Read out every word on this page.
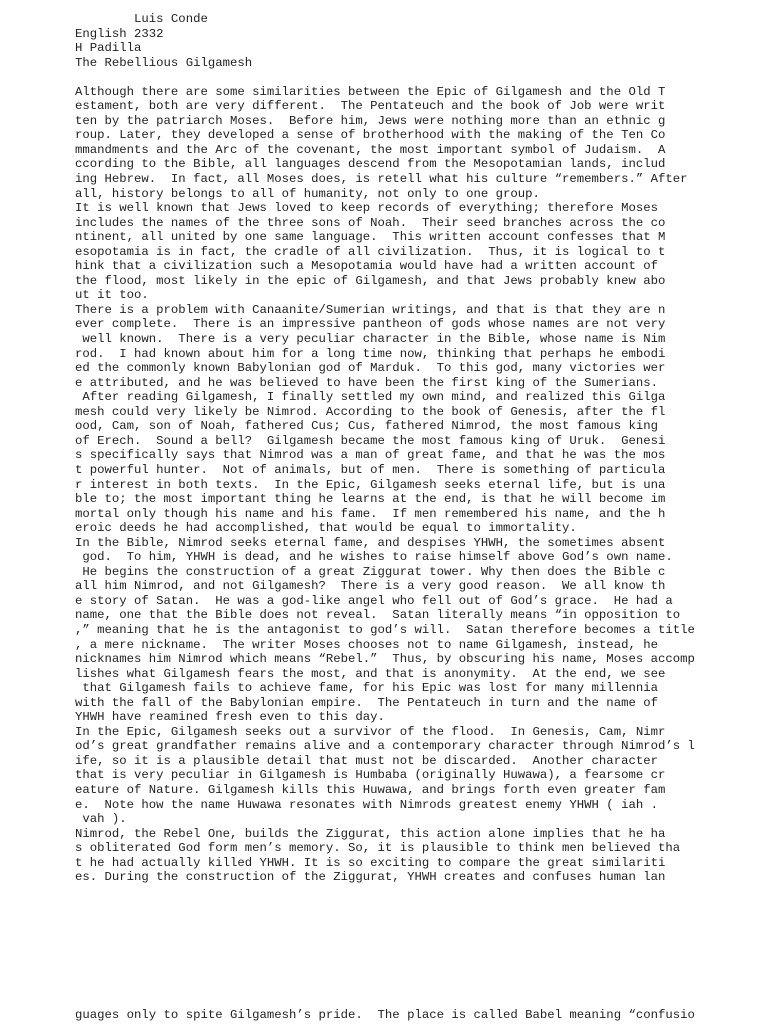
Luis Conde
English 2332
H Padilla
The Rebellious Gilgamesh
Although there are some similarities between the Epic of Gilgamesh and the Old T
estament, both are very different.  The Pentateuch and the book of Job were writ
ten by the patriarch Moses.  Before him, Jews were nothing more than an ethnic g
roup. Later, they developed a sense of brotherhood with the making of the Ten Co
mmandments and the Arc of the covenant, the most important symbol of Judaism.  A
ccording to the Bible, all languages descend from the Mesopotamian lands, includ
ing Hebrew.  In fact, all Moses does, is retell what his culture “remembers.” After
all, history belongs to all of humanity, not only to one group.
It is well known that Jews loved to keep records of everything; therefore Moses
includes the names of the three sons of Noah.  Their seed branches across the co
ntinent, all united by one same language.  This written account confesses that M
esopotamia is in fact, the cradle of all civilization.  Thus, it is logical to t
hink that a civilization such a Mesopotamia would have had a written account of
the flood, most likely in the epic of Gilgamesh, and that Jews probably knew abo
ut it too.
There is a problem with Canaanite/Sumerian writings, and that is that they are n
ever complete.  There is an impressive pantheon of gods whose names are not very
well known.  There is a very peculiar character in the Bible, whose name is Nim
rod.  I had known about him for a long time now, thinking that perhaps he embodi
ed the commonly known Babylonian god of Marduk.  To this god, many victories wer
e attributed, and he was believed to have been the first king of the Sumerians.
After reading Gilgamesh, I finally settled my own mind, and realized this Gilga
mesh could very likely be Nimrod. According to the book of Genesis, after the fl
ood, Cam, son of Noah, fathered Cus; Cus, fathered Nimrod, the most famous king
of Erech.  Sound a bell?  Gilgamesh became the most famous king of Uruk.  Genesi
s specifically says that Nimrod was a man of great fame, and that he was the mos
t powerful hunter.  Not of animals, but of men.  There is something of particula
r interest in both texts.  In the Epic, Gilgamesh seeks eternal life, but is una
ble to; the most important thing he learns at the end, is that he will become im
mortal only though his name and his fame.  If men remembered his name, and the h
eroic deeds he had accomplished, that would be equal to immortality.
In the Bible, Nimrod seeks eternal fame, and despises YHWH, the sometimes absent
god.  To him, YHWH is dead, and he wishes to raise himself above God’s own name.
He begins the construction of a great Ziggurat tower. Why then does the Bible c
all him Nimrod, and not Gilgamesh?  There is a very good reason.  We all know th
e story of Satan.  He was a god-like angel who fell out of God’s grace.  He had a
name, one that the Bible does not reveal.  Satan literally means “in opposition to
,” meaning that he is the antagonist to god’s will.  Satan therefore becomes a title
, a mere nickname.  The writer Moses chooses not to name Gilgamesh, instead, he
nicknames him Nimrod which means “Rebel.”  Thus, by obscuring his name, Moses accomp
lishes what Gilgamesh fears the most, and that is anonymity.  At the end, we see
that Gilgamesh fails to achieve fame, for his Epic was lost for many millennia
with the fall of the Babylonian empire.  The Pentateuch in turn and the name of
YHWH have reamined fresh even to this day.
In the Epic, Gilgamesh seeks out a survivor of the flood.  In Genesis, Cam, Nimr
od’s great grandfather remains alive and a contemporary character through Nimrod’s l
ife, so it is a plausible detail that must not be discarded.  Another character
that is very peculiar in Gilgamesh is Humbaba (originally Huwawa), a fearsome cr
eature of Nature. Gilgamesh kills this Huwawa, and brings forth even greater fam
e.  Note how the name Huwawa resonates with Nimrods greatest enemy YHWH ( iah .
vah ).
Nimrod, the Rebel One, builds the Ziggurat, this action alone implies that he ha
s obliterated God form men’s memory. So, it is plausible to think men believed tha
t he had actually killed YHWH. It is so exciting to compare the great similariti
es. During the construction of the Ziggurat, YHWH creates and confuses human lan
guages only to spite Gilgamesh’s pride.  The place is called Babel meaning “confusio
